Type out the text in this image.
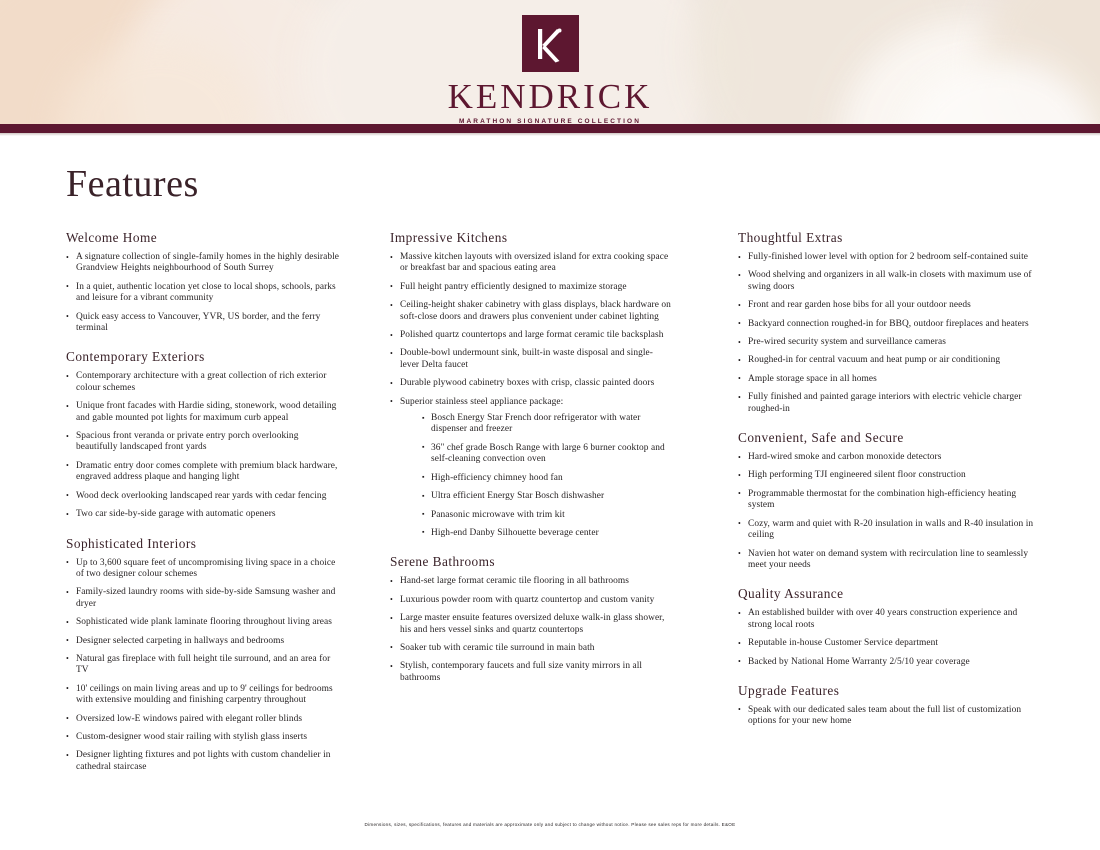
KENDRICK
MARATHON SIGNATURE COLLECTION
Features
Welcome Home
• A signature collection of single-family homes in the highly desirable Grandview Heights neighbourhood of South Surrey
• In a quiet, authentic location yet close to local shops, schools, parks and leisure for a vibrant community
• Quick easy access to Vancouver, YVR, US border, and the ferry terminal
Contemporary Exteriors
• Contemporary architecture with a great collection of rich exterior colour schemes
• Unique front facades with Hardie siding, stonework, wood detailing and gable mounted pot lights for maximum curb appeal
• Spacious front veranda or private entry porch overlooking beautifully landscaped front yards
• Dramatic entry door comes complete with premium black hardware, engraved address plaque and hanging light
• Wood deck overlooking landscaped rear yards with cedar fencing
• Two car side-by-side garage with automatic openers
Sophisticated Interiors
• Up to 3,600 square feet of uncompromising living space in a choice of two designer colour schemes
• Family-sized laundry rooms with side-by-side Samsung washer and dryer
• Sophisticated wide plank laminate flooring throughout living areas
• Designer selected carpeting in hallways and bedrooms
• Natural gas fireplace with full height tile surround, and an area for TV
• 10' ceilings on main living areas and up to 9' ceilings for bedrooms with extensive moulding and finishing carpentry throughout
• Oversized low-E windows paired with elegant roller blinds
• Custom-designer wood stair railing with stylish glass inserts
• Designer lighting fixtures and pot lights with custom chandelier in cathedral staircase
Impressive Kitchens
• Massive kitchen layouts with oversized island for extra cooking space or breakfast bar and spacious eating area
• Full height pantry efficiently designed to maximize storage
• Ceiling-height shaker cabinetry with glass displays, black hardware on soft-close doors and drawers plus convenient under cabinet lighting
• Polished quartz countertops and large format ceramic tile backsplash
• Double-bowl undermount sink, built-in waste disposal and single-lever Delta faucet
• Durable plywood cabinetry boxes with crisp, classic painted doors
• Superior stainless steel appliance package:
▪ Bosch Energy Star French door refrigerator with water dispenser and freezer
▪ 36" chef grade Bosch Range with large 6 burner cooktop and self-cleaning convection oven
▪ High-efficiency chimney hood fan
▪ Ultra efficient Energy Star Bosch dishwasher
▪ Panasonic microwave with trim kit
▪ High-end Danby Silhouette beverage center
Serene Bathrooms
• Hand-set large format ceramic tile flooring in all bathrooms
• Luxurious powder room with quartz countertop and custom vanity
• Large master ensuite features oversized deluxe walk-in glass shower, his and hers vessel sinks and quartz countertops
• Soaker tub with ceramic tile surround in main bath
• Stylish, contemporary faucets and full size vanity mirrors in all bathrooms
Thoughtful Extras
• Fully-finished lower level with option for 2 bedroom self-contained suite
• Wood shelving and organizers in all walk-in closets with maximum use of swing doors
• Front and rear garden hose bibs for all your outdoor needs
• Backyard connection roughed-in for BBQ, outdoor fireplaces and heaters
• Pre-wired security system and surveillance cameras
• Roughed-in for central vacuum and heat pump or air conditioning
• Ample storage space in all homes
• Fully finished and painted garage interiors with electric vehicle charger roughed-in
Convenient, Safe and Secure
• Hard-wired smoke and carbon monoxide detectors
• High performing TJI engineered silent floor construction
• Programmable thermostat for the combination high-efficiency heating system
• Cozy, warm and quiet with R-20 insulation in walls and R-40 insulation in ceiling
• Navien hot water on demand system with recirculation line to seamlessly meet your needs
Quality Assurance
• An established builder with over 40 years construction experience and strong local roots
• Reputable in-house Customer Service department
• Backed by National Home Warranty 2/5/10 year coverage
Upgrade Features
• Speak with our dedicated sales team about the full list of customization options for your new home
Dimensions, sizes, specifications, features and materials are approximate only and subject to change without notice. Please see sales reps for more details. E&OE
